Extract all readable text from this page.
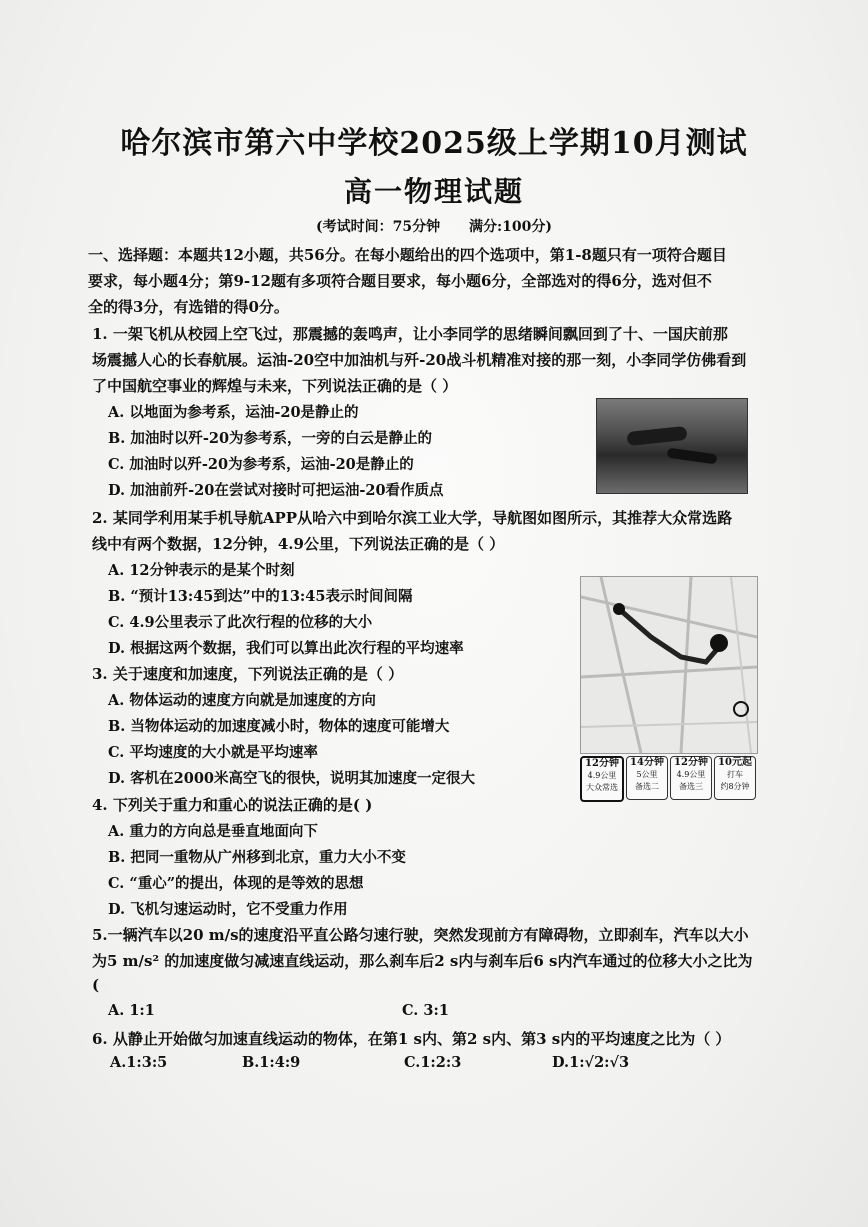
哈尔滨市第六中学校2025级上学期10月测试
高一物理试题
(考试时间：75分钟 满分:100分)
一、选择题：本题共12小题，共56分。在每小题给出的四个选项中，第1-8题只有一项符合题目
要求，每小题4分；第9-12题有多项符合题目要求，每小题6分，全部选对的得6分，选对但不
全的得3分，有选错的得0分。
1. 一架飞机从校园上空飞过，那震撼的轰鸣声，让小李同学的思绪瞬间飘回到了十、一国庆前那
场震撼人心的长春航展。运油-20空中加油机与歼-20战斗机精准对接的那一刻，小李同学仿佛看到
了中国航空事业的辉煌与未来，下列说法正确的是（ ）
A. 以地面为参考系，运油-20是静止的
B. 加油时以歼-20为参考系，一旁的白云是静止的
C. 加油时以歼-20为参考系，运油-20是静止的
D. 加油前歼-20在尝试对接时可把运油-20看作质点
2. 某同学利用某手机导航APP从哈六中到哈尔滨工业大学，导航图如图所示，其推荐大众常选路
线中有两个数据，12分钟，4.9公里，下列说法正确的是（ ）
A. 12分钟表示的是某个时刻
B. “预计13:45到达”中的13:45表示时间间隔
C. 4.9公里表示了此次行程的位移的大小
D. 根据这两个数据，我们可以算出此次行程的平均速率
12分钟
4.9公里
大众常选
14分钟
5公里
备选二
12分钟
4.9公里
备选三
10元起
打车
约8分钟
3. 关于速度和加速度，下列说法正确的是（ ）
A. 物体运动的速度方向就是加速度的方向
B. 当物体运动的加速度减小时，物体的速度可能增大
C. 平均速度的大小就是平均速率
D. 客机在2000米高空飞的很快，说明其加速度一定很大
4. 下列关于重力和重心的说法正确的是( )
A. 重力的方向总是垂直地面向下
B. 把同一重物从广州移到北京，重力大小不变
C. “重心”的提出，体现的是等效的思想
D. 飞机匀速运动时，它不受重力作用
5.一辆汽车以20 m/s的速度沿平直公路匀速行驶，突然发现前方有障碍物，立即刹车，汽车以大小
为5 m/s² 的加速度做匀减速直线运动，那么刹车后2 s内与刹车后6 s内汽车通过的位移大小之比为
(
A. 1:1	C. 3:1
6. 从静止开始做匀加速直线运动的物体，在第1 s内、第2 s内、第3 s内的平均速度之比为（ ）
A.1:3:5	B.1:4:9	C.1:2:3	D.1:√2:√3
